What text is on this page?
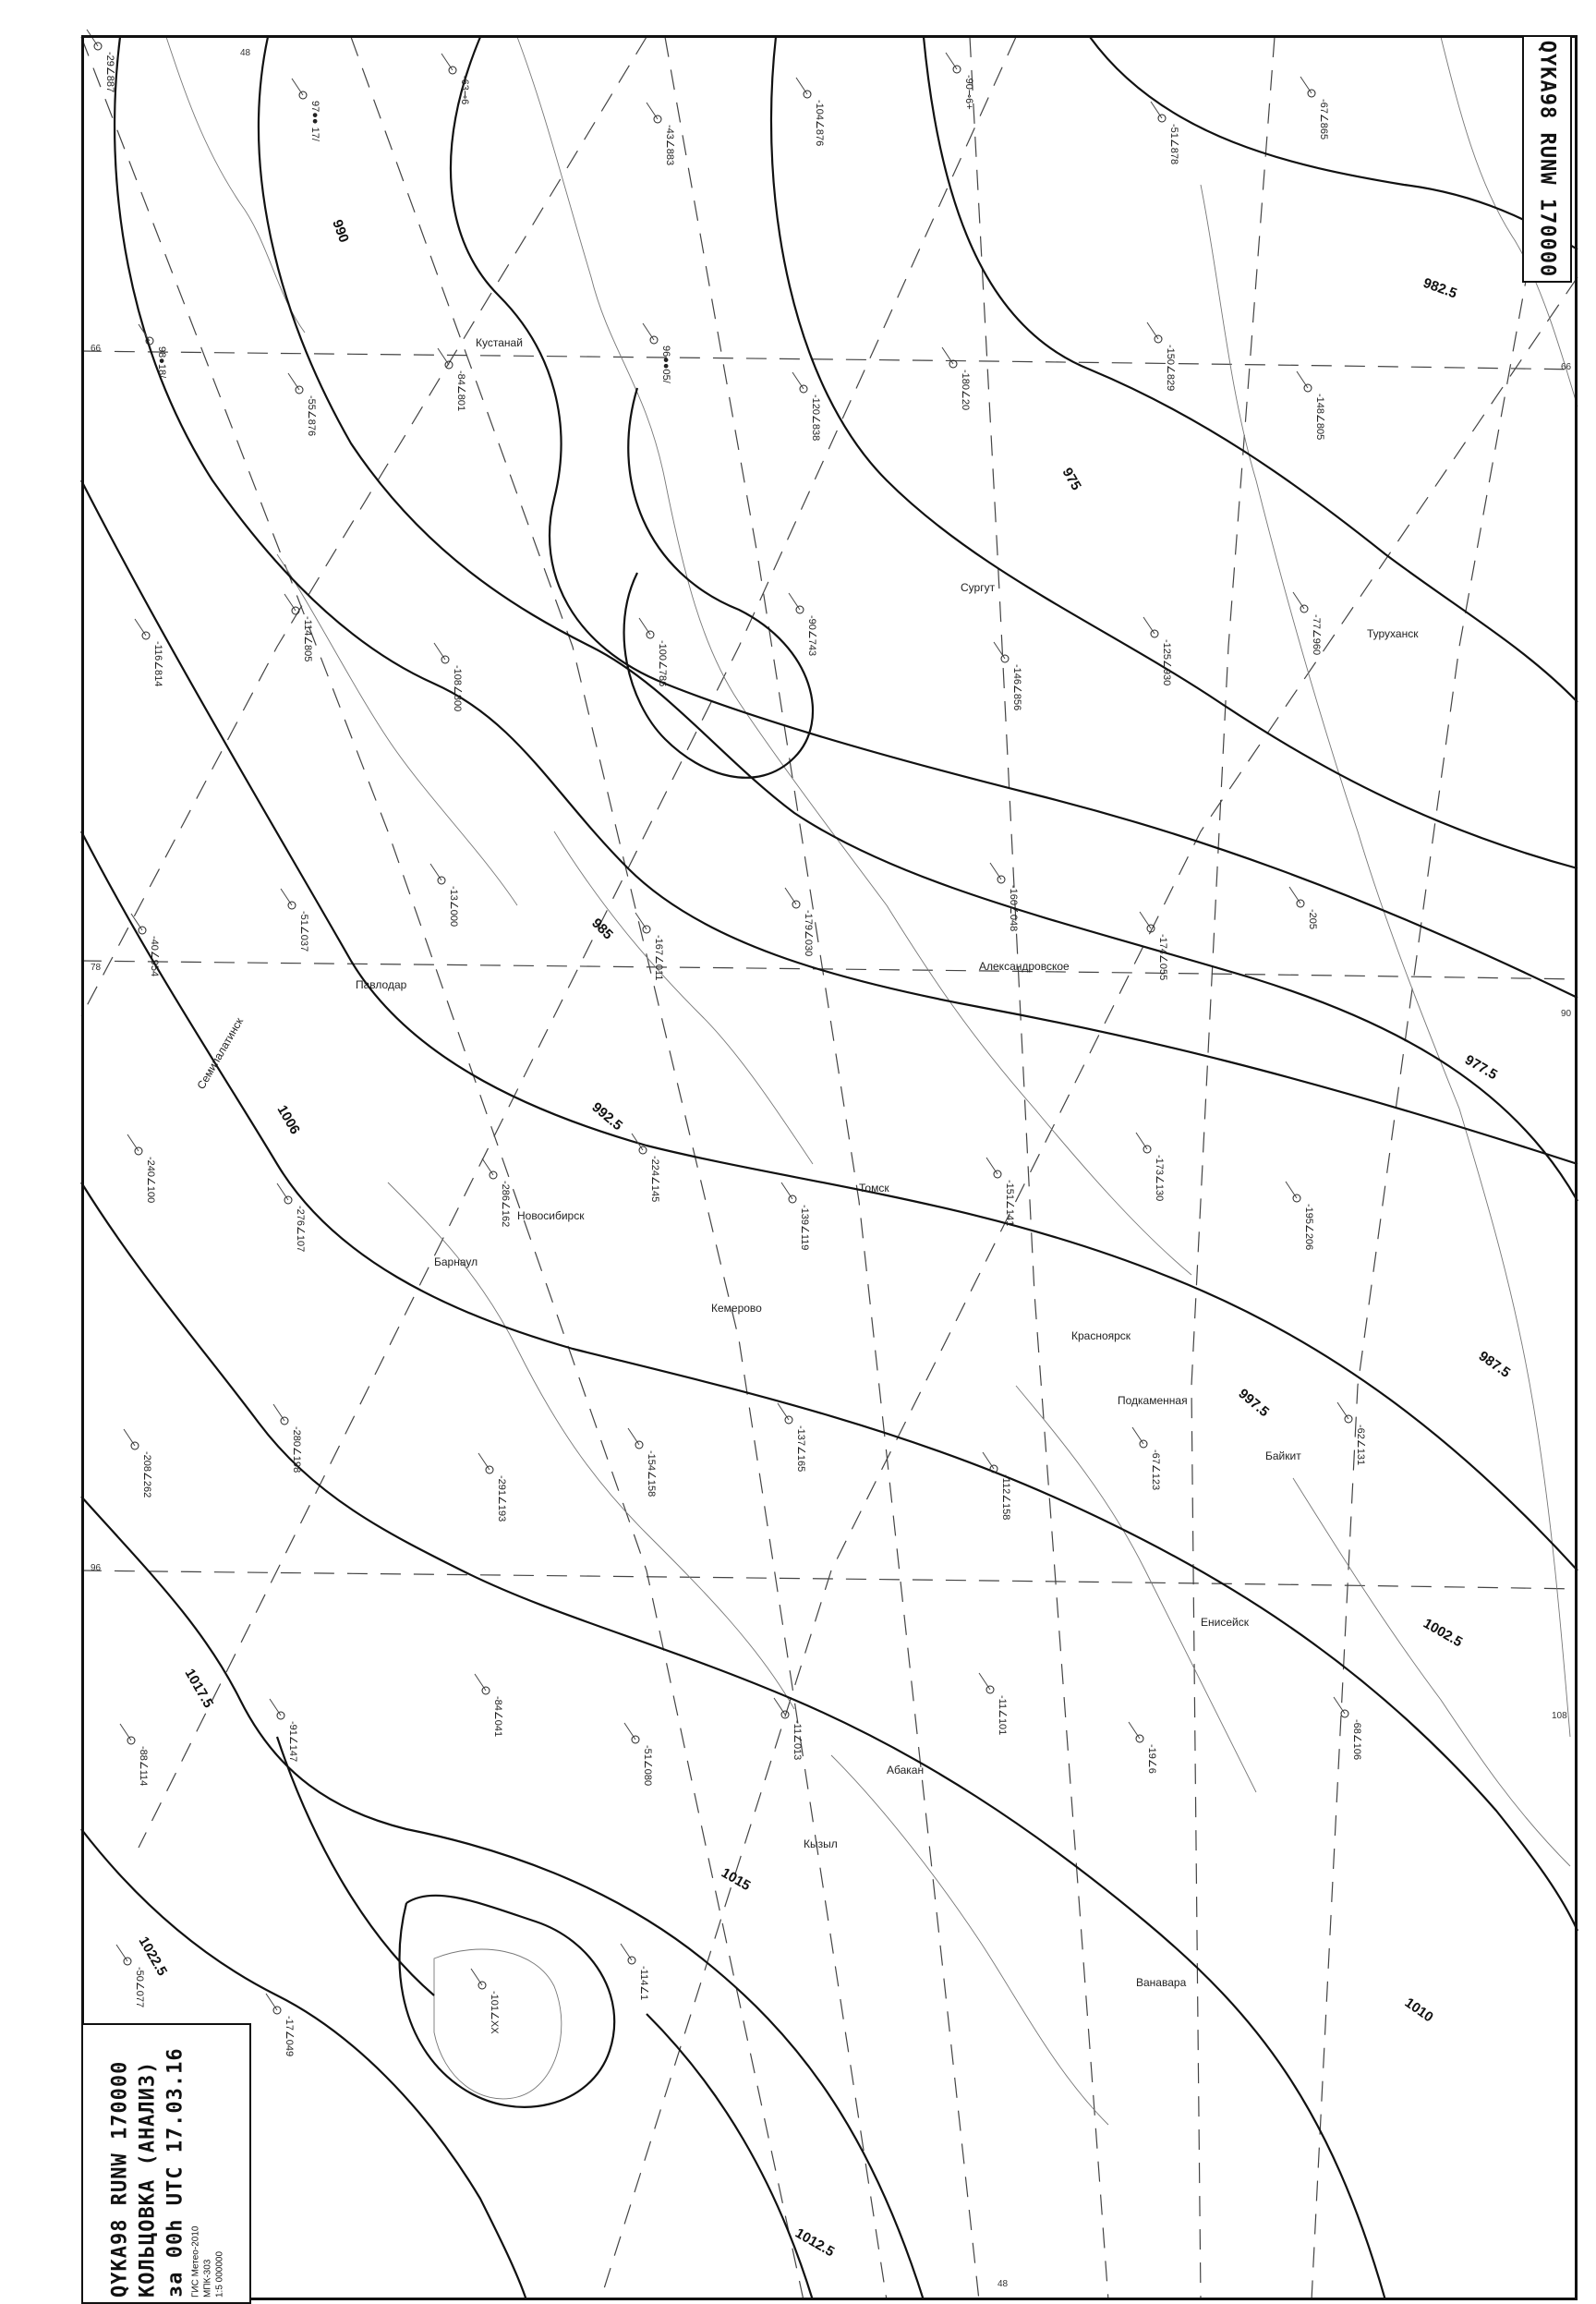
975
977.5
982.5
985
987.5
990
992.5
997.5
1002.5
1006
1010
1012.5
1015
1017.5
1022.5
Сургут
Кустанай
Павлодар
Семипалатинск
Барнаул
Новосибирск
Кемерово
Томск
Красноярск
Александровское
Туруханск
Енисейск
Подкаменная
Ванавара
Байкит
Кызыл
Абакан
-29∠887
97●● 17/
-63⊸6
-43∠883	-104∠876
-90⊸6+
-51∠878
-67∠865
98●18/
-55∠876
-84∠801
96●●05/
-120∠838
-180∠20	-150∠829
-148∠805
-116∠814
-114∠805
-108∠800
-100∠786
-90∠743
-146∠856
-125∠930
-77∠960
-40∠954
-51∠037
-13∠000
-167∠011
-179∠030
-160∠048
-174∠055
-205
-240∠100
-276∠107
-286∠162
-224∠145
-139∠119
-151∠141
-173∠130
-195∠206
-208∠262
-280∠198
-291∠193
-154∠158
-137∠165
-112∠158
-67∠123
-62∠131
-88∠114
-91∠147
-84∠041
-51∠080
-11∠013
-11∠101
-19∠6	-68∠106
-50∠077
-17∠049
-101∠XX
-114∠1
48
66
78
96
108
90
48
66
QYKA98 RUNW 170000
QYKA98 RUNW 170000 КОЛЬЦОВКА (АНАЛИЗ) за 00h UTC 17.03.16 ГИС Метео-2010 МПК-303 1:5 000000
